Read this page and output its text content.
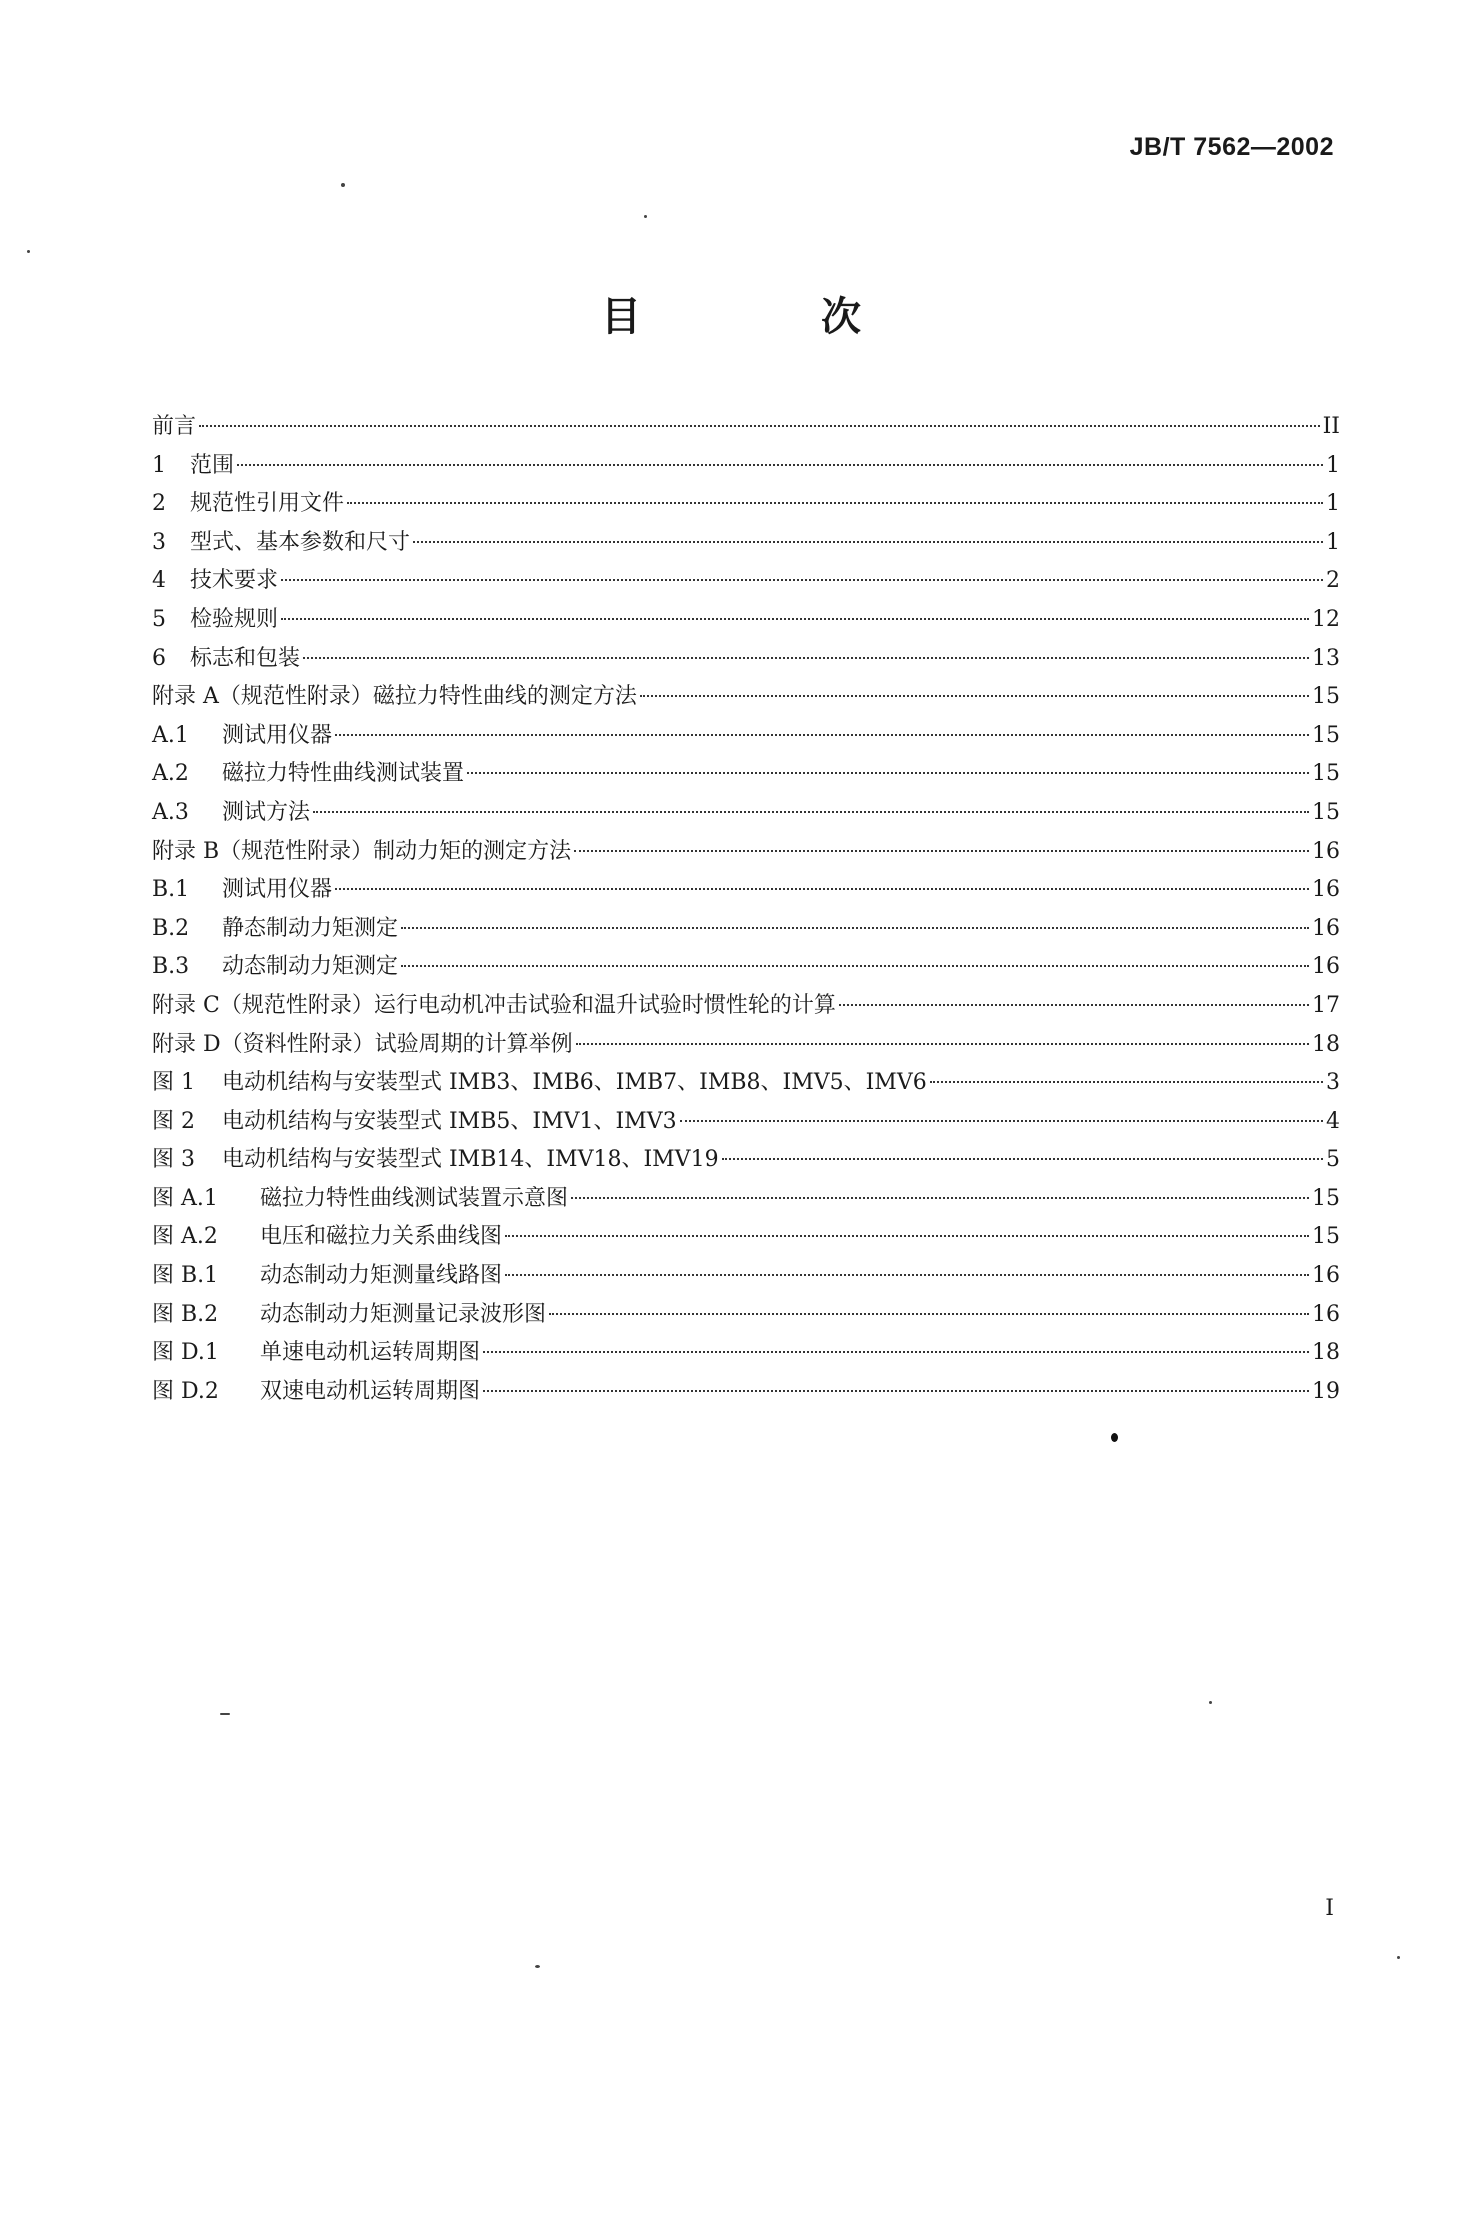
JB/T 7562—2002
目　次
前言	II
1	范围	1
2	规范性引用文件	1
3	型式、基本参数和尺寸	1
4	技术要求	2
5	检验规则	12
6	标志和包装	13
附录 A（规范性附录）磁拉力特性曲线的测定方法	15
A.1	测试用仪器	15
A.2	磁拉力特性曲线测试装置	15
A.3	测试方法	15
附录 B（规范性附录）制动力矩的测定方法	16
B.1	测试用仪器	16
B.2	静态制动力矩测定	16
B.3	动态制动力矩测定	16
附录 C（规范性附录）运行电动机冲击试验和温升试验时惯性轮的计算	17
附录 D（资料性附录）试验周期的计算举例	18
图 1	电动机结构与安装型式 IMB3、IMB6、IMB7、IMB8、IMV5、IMV6	3
图 2	电动机结构与安装型式 IMB5、IMV1、IMV3	4
图 3	电动机结构与安装型式 IMB14、IMV18、IMV19	5
图 A.1	磁拉力特性曲线测试装置示意图	15
图 A.2	电压和磁拉力关系曲线图	15
图 B.1	动态制动力矩测量线路图	16
图 B.2	动态制动力矩测量记录波形图	16
图 D.1	单速电动机运转周期图	18
图 D.2	双速电动机运转周期图	19
I
